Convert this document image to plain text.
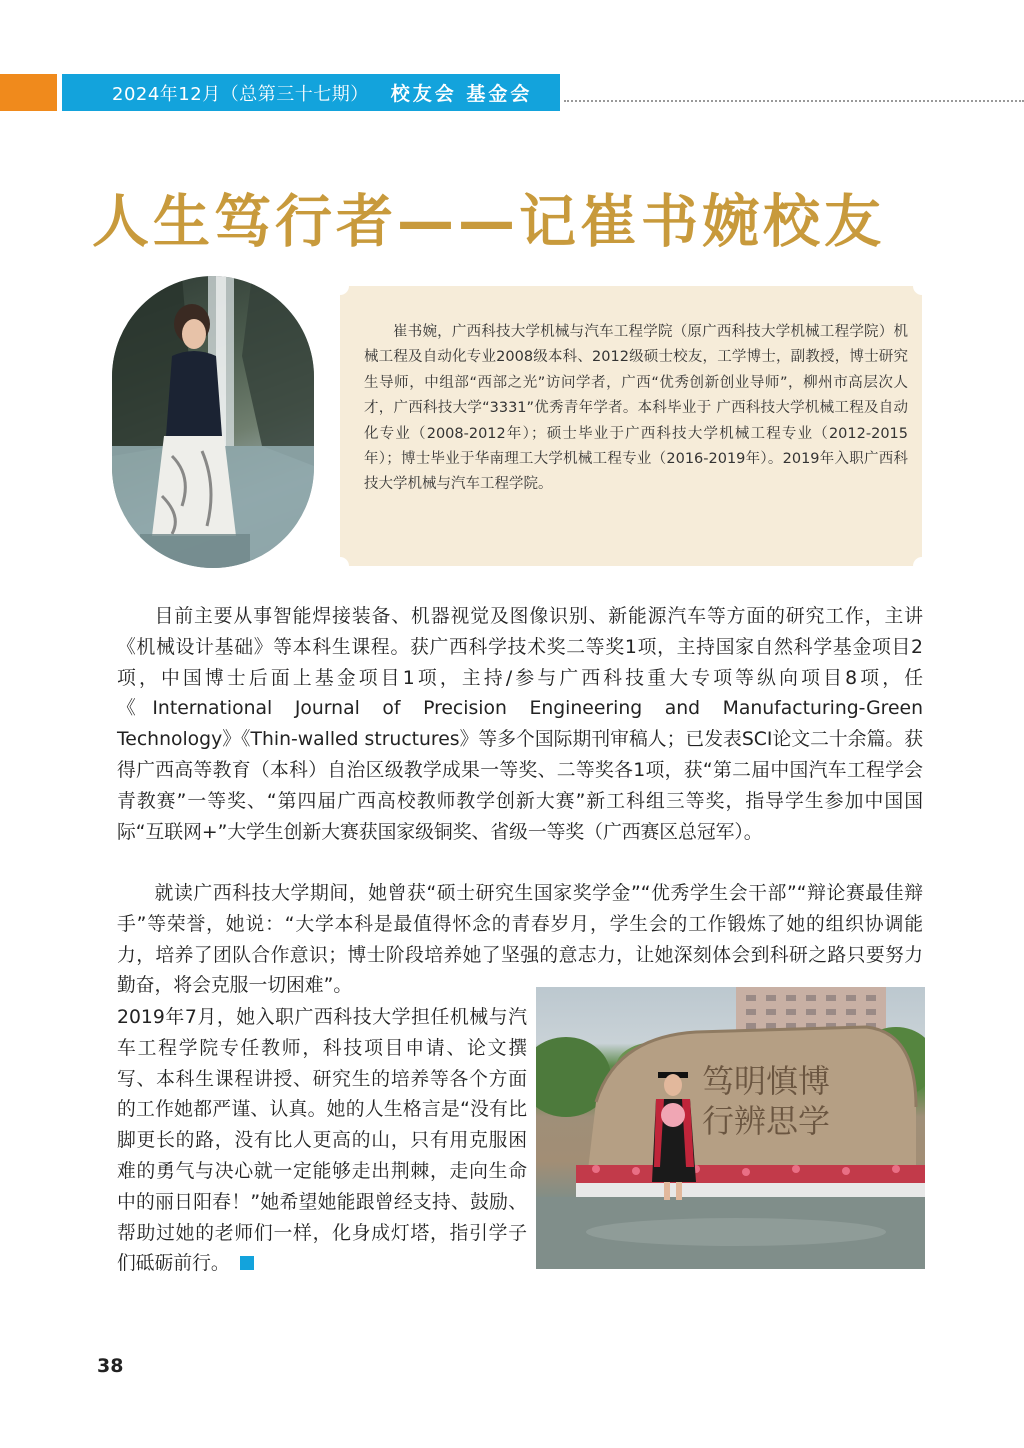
2024年12月（总第三十七期） 校友会 基金会
人生笃行者——记崔书婉校友
崔书婉，广西科技大学机械与汽车工程学院（原广西科技大学机械工程学院）机械工程及自动化专业2008级本科、2012级硕士校友，工学博士，副教授，博士研究生导师，中组部“西部之光”访问学者，广西“优秀创新创业导师”，柳州市高层次人才，广西科技大学“3331”优秀青年学者。本科毕业于 广西科技大学机械工程及自动化专业（2008-2012年）；硕士毕业于广西科技大学机械工程专业（2012-2015年）；博士毕业于华南理工大学机械工程专业（2016-2019年）。2019年入职广西科技大学机械与汽车工程学院。
目前主要从事智能焊接装备、机器视觉及图像识别、新能源汽车等方面的研究工作，主讲《机械设计基础》等本科生课程。获广西科学技术奖二等奖1项，主持国家自然科学基金项目2项，中国博士后面上基金项目1项，主持/参与广西科技重大专项等纵向项目8项，任《International Journal of Precision Engineering and Manufacturing-Green Technology》《Thin-walled structures》等多个国际期刊审稿人；已发表SCI论文二十余篇。获得广西高等教育（本科）自治区级教学成果一等奖、二等奖各1项，获“第二届中国汽车工程学会青教赛”一等奖、“第四届广西高校教师教学创新大赛”新工科组三等奖，指导学生参加中国国际“互联网+”大学生创新大赛获国家级铜奖、省级一等奖（广西赛区总冠军）。
就读广西科技大学期间，她曾获“硕士研究生国家奖学金”“优秀学生会干部”“辩论赛最佳辩手”等荣誉，她说：“大学本科是最值得怀念的青春岁月，学生会的工作锻炼了她的组织协调能力，培养了团队合作意识；博士阶段培养她了坚强的意志力，让她深刻体会到科研之路只要努力勤奋，将会克服一切困难”。
2019年7月，她入职广西科技大学担任机械与汽车工程学院专任教师，科技项目申请、论文撰写、本科生课程讲授、研究生的培养等各个方面的工作她都严谨、认真。她的人生格言是“没有比脚更长的路，没有比人更高的山，只有用克服困难的勇气与决心就一定能够走出荆棘，走向生命中的丽日阳春！”她希望她能跟曾经支持、鼓励、帮助过她的老师们一样，化身成灯塔，指引学子们砥砺前行。
笃明慎博
行辨思学
38
